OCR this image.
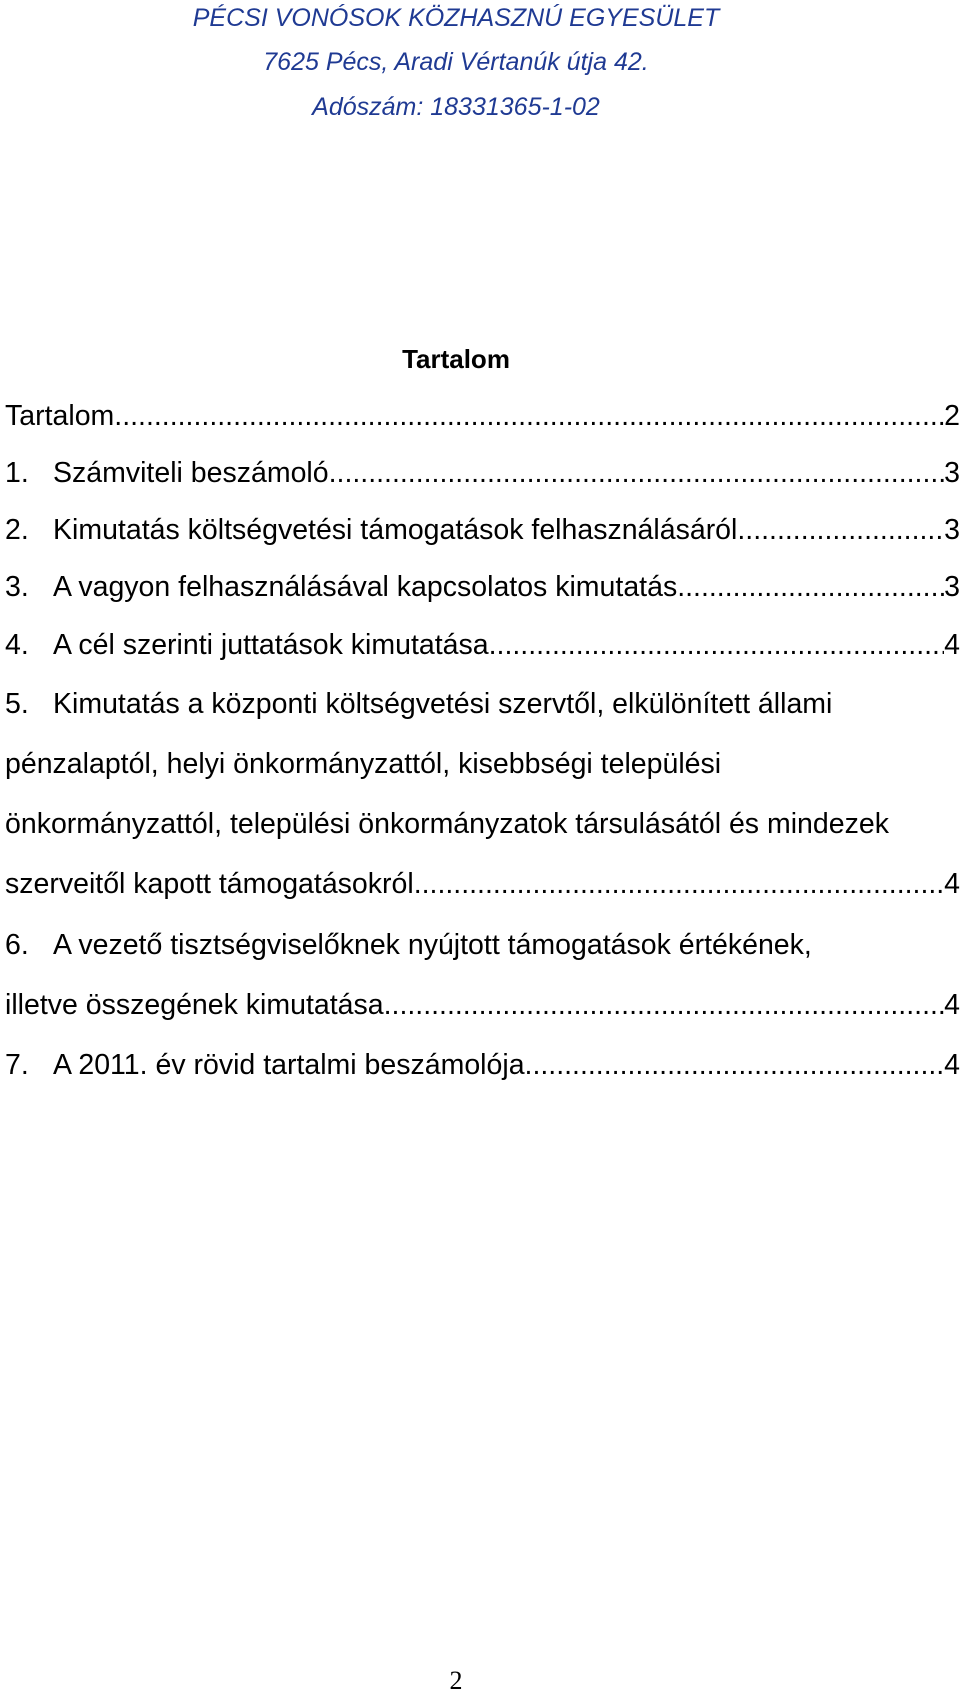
PÉCSI VONÓSOK KÖZHASZNÚ EGYESÜLET
7625 Pécs, Aradi Vértanúk útja 42.
Adószám: 18331365-1-02
Tartalom
Tartalom .....	2
1. Számviteli beszámoló .....	3
2. Kimutatás költségvetési támogatások felhasználásáról .....	3
3. A vagyon felhasználásával kapcsolatos kimutatás .....	3
4. A cél szerinti juttatások kimutatása .....	4
5. Kimutatás a központi költségvetési szervtől, elkülönített állami
pénzalaptól, helyi önkormányzattól, kisebbségi települési
önkormányzattól, települési önkormányzatok társulásától és mindezek
szerveitől kapott támogatásokról .....	4
6. A vezető tisztségviselőknek nyújtott támogatások értékének,
illetve összegének kimutatása .....	4
7. A 2011. év rövid tartalmi beszámolója .....	4
2
